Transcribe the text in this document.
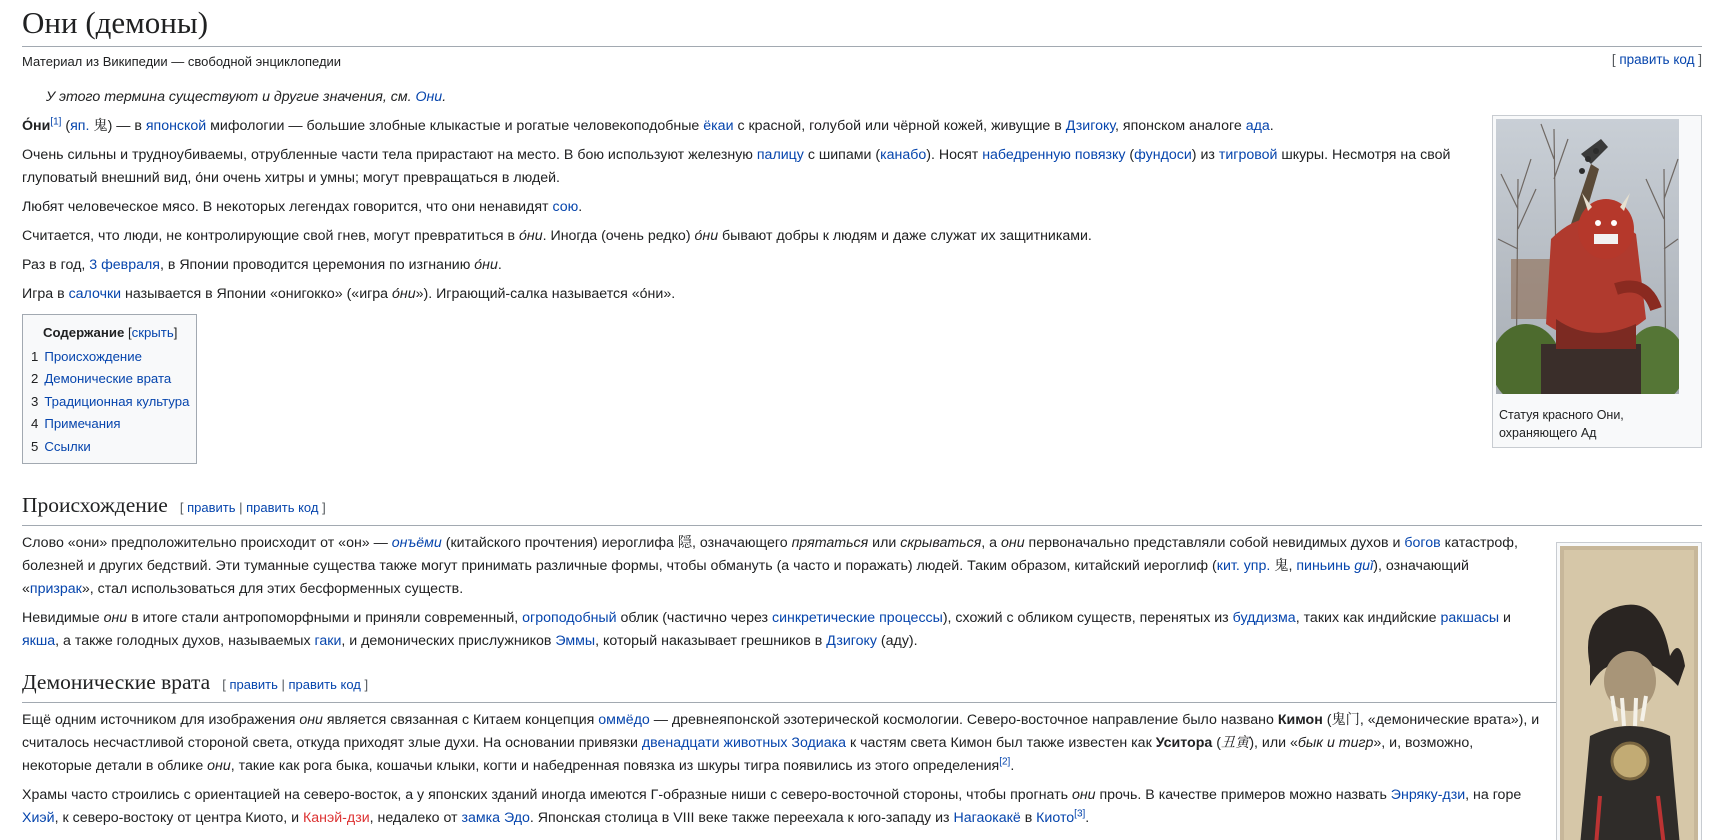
Они (демоны)
Материал из Википедии — свободной энциклопедии	[ править код ]
У этого термина существуют и другие значения, см. Они.
Статуя красного Они, охраняющего Ад

О́ни[1] (яп. 鬼) — в японской мифологии — большие злобные клыкастые и рогатые человекоподобные ёкаи с красной, голубой или чёрной кожей, живущие в Дзигоку, японском аналоге ада.

Очень сильны и трудноубиваемы, отрубленные части тела прирастают на место. В бою используют железную палицу с шипами (канабо). Носят набедренную повязку (фундоси) из тигровой шкуры. Несмотря на свой глуповатый внешний вид, о́ни очень хитры и умны; могут превращаться в людей.

Любят человеческое мясо. В некоторых легендах говорится, что они ненавидят сою.

Считается, что люди, не контролирующие свой гнев, могут превратиться в о́ни. Иногда (очень редко) о́ни бывают добры к людям и даже служат их защитниками.

Раз в год, 3 февраля, в Японии проводится церемония по изгнанию о́ни.

Игра в салочки называется в Японии «онигокко» («игра о́ни»). Играющий-салка называется «о́ни».

Содержание [скрыть]
1 Происхождение
2 Демонические врата
3 Традиционная культура
4 Примечания
5 Ссылки
Происхождение [ править | править код ]

Слово «они» предположительно происходит от «он» — онъёми (китайского прочтения) иероглифа 隠, означающего прятаться или скрываться, а они первоначально представляли собой невидимых духов и богов катастроф, болезней и других бедствий. Эти туманные существа также могут принимать различные формы, чтобы обмануть (а часто и поражать) людей. Таким образом, китайский иероглиф (кит. упр. 鬼, пиньинь guǐ), означающий «призрак», стал использоваться для этих бесформенных существ.

Невидимые они в итоге стали антропоморфными и приняли современный, огроподобный облик (частично через синкретические процессы), схожий с обликом существ, перенятых из буддизма, таких как индийские ракшасы и якша, а также голодных духов, называемых гаки, и демонических прислужников Эммы, который наказывает грешников в Дзигоку (аду).

Демонические врата [ править | править код ]

Ещё одним источником для изображения они является связанная с Китаем концепция оммёдо — древнеяпонской эзотерической космологии. Северо-восточное направление было названо Кимон (鬼门, «демонические врата»), и считалось несчастливой стороной света, откуда приходят злые духи. На основании привязки двенадцати животных Зодиака к частям света Кимон был также известен как Уситора (丑寅), или «бык и тигр», и, возможно, некоторые детали в облике они, такие как рога быка, кошачьи клыки, когти и набедренная повязка из шкуры тигра появились из этого определения[2].

Храмы часто строились с ориентацией на северо-восток, а у японских зданий иногда имеются Г-образные ниши с северо-восточной стороны, чтобы прогнать они прочь. В качестве примеров можно назвать Энряку-дзи, на горе Хиэй, к северо-востоку от центра Киото, и Канэй-дзи, недалеко от замка Эдо. Японская столица в VIII веке также переехала к юго-западу из Нагаокакё в Киото[3].
